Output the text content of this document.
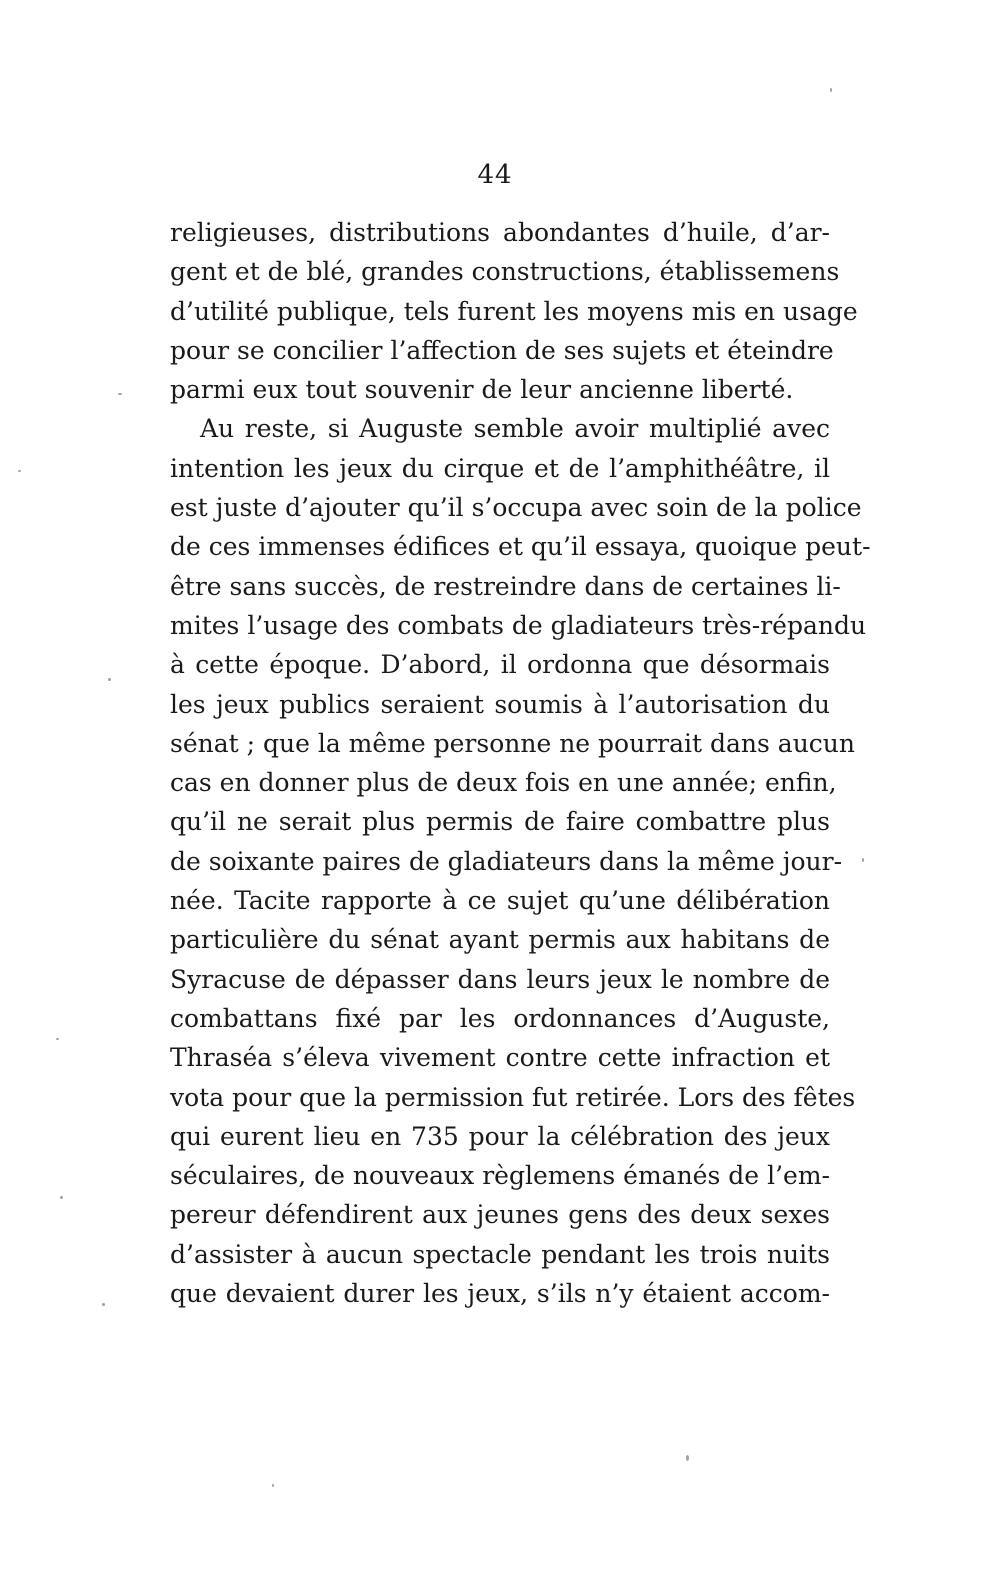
44
religieuses, distributions abondantes d’huile, d’ar-
gent et de blé, grandes constructions, établissemens
d’utilité publique, tels furent les moyens mis en usage
pour se concilier l’affection de ses sujets et éteindre
parmi eux tout souvenir de leur ancienne liberté.
Au reste, si Auguste semble avoir multiplié avec
intention les jeux du cirque et de l’amphithéâtre, il
est juste d’ajouter qu’il s’occupa avec soin de la police
de ces immenses édifices et qu’il essaya, quoique peut-
être sans succès, de restreindre dans de certaines li-
mites l’usage des combats de gladiateurs très-répandu
à cette époque. D’abord, il ordonna que désormais
les jeux publics seraient soumis à l’autorisation du
sénat ; que la même personne ne pourrait dans aucun
cas en donner plus de deux fois en une année; enfin,
qu’il ne serait plus permis de faire combattre plus
de soixante paires de gladiateurs dans la même jour-
née. Tacite rapporte à ce sujet qu’une délibération
particulière du sénat ayant permis aux habitans de
Syracuse de dépasser dans leurs jeux le nombre de
combattans fixé par les ordonnances d’Auguste,
Thraséa s’éleva vivement contre cette infraction et
vota pour que la permission fut retirée. Lors des fêtes
qui eurent lieu en 735 pour la célébration des jeux
séculaires, de nouveaux règlemens émanés de l’em-
pereur défendirent aux jeunes gens des deux sexes
d’assister à aucun spectacle pendant les trois nuits
que devaient durer les jeux, s’ils n’y étaient accom-
